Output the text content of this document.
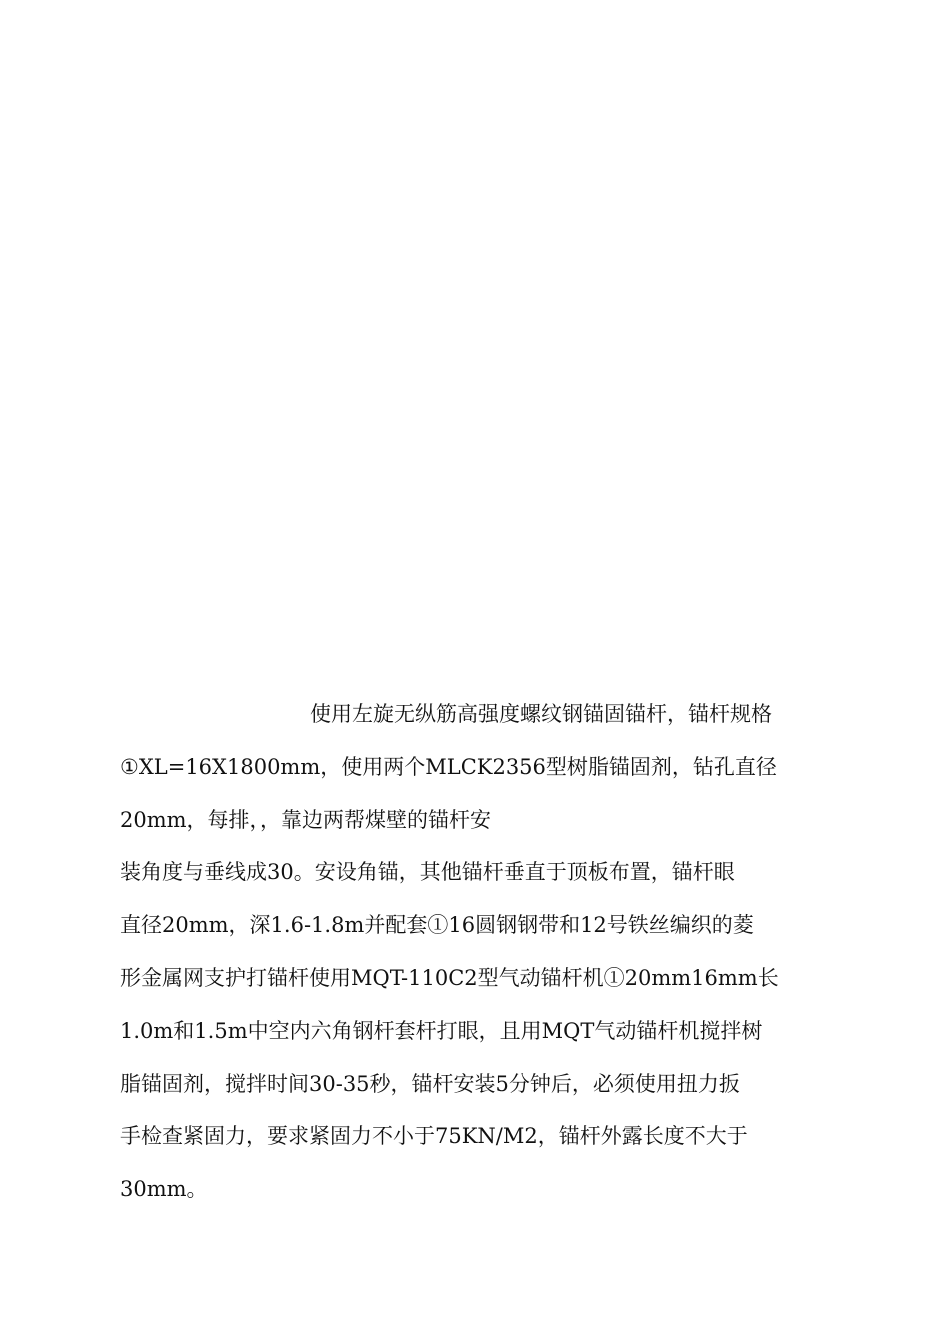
使用左旋无纵筋高强度螺纹钢锚固锚杆，锚杆规格
①XL=16X1800mm，使用两个MLCK2356型树脂锚固剂，钻孔直径
20mm，每排，，靠边两帮煤壁的锚杆安
装角度与垂线成30。安设角锚，其他锚杆垂直于顶板布置，锚杆眼
直径20mm，深1.6-1.8m并配套①16圆钢钢带和12号铁丝编织的菱
形金属网支护打锚杆使用MQT-110C2型气动锚杆机①20mm16mm长
1.0m和1.5m中空内六角钢杆套杆打眼，且用MQT气动锚杆机搅拌树
脂锚固剂，搅拌时间30-35秒，锚杆安装5分钟后，必须使用扭力扳
手检查紧固力，要求紧固力不小于75KN/M2，锚杆外露长度不大于
30mm。
